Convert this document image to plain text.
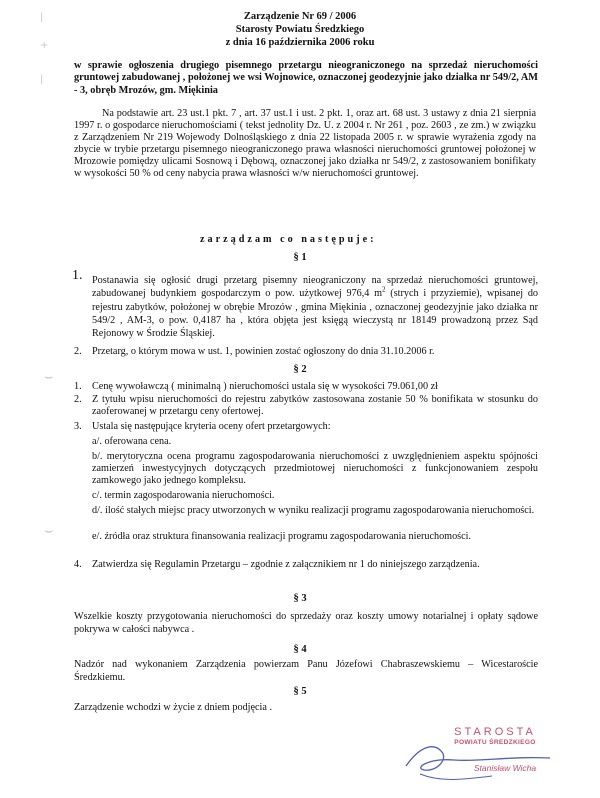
|
+
|
⌣
⌣
Zarządzenie Nr 69 / 2006
Starosty Powiatu Średzkiego
z dnia 16 października 2006 roku
w sprawie ogłoszenia drugiego pisemnego przetargu nieograniczonego na sprzedaż nieruchomości gruntowej zabudowanej , położonej we wsi Wojnowice, oznaczonej geodezyjnie jako działka nr 549/2, AM - 3, obręb Mrozów, gm. Miękinia
Na podstawie art. 23 ust.1 pkt. 7 , art. 37 ust.1 i ust. 2 pkt. 1, oraz art. 68 ust. 3 ustawy z dnia 21 sierpnia 1997 r. o gospodarce nieruchomościami ( tekst jednolity Dz. U. z 2004 r. Nr 261 , poz. 2603 , ze zm.) w związku z Zarządzeniem Nr 219 Wojewody Dolnośląskiego z dnia 22 listopada 2005 r. w sprawie wyrażenia zgody na zbycie w trybie przetargu pisemnego nieograniczonego prawa własności nieruchomości gruntowej położonej w Mrozowie pomiędzy ulicami Sosnową i Dębową, oznaczonej jako działka nr 549/2, z zastosowaniem bonifikaty w wysokości 50 % od ceny nabycia prawa własności w/w nieruchomości gruntowej.
zarządzam co następuje:
§ 1
1. Postanawia się ogłosić drugi przetarg pisemny nieograniczony na sprzedaż nieruchomości gruntowej, zabudowanej budynkiem gospodarczym o pow. użytkowej 976,4 $m^2$ (strych i przyziemie), wpisanej do rejestru zabytków, położonej w obrębie Mrozów , gmina Miękinia , oznaczonej geodezyjnie jako działka nr 549/2 , AM-3, o pow. 0,4187 ha , która objęta jest księgą wieczystą nr 18149 prowadzoną przez Sąd Rejonowy w Środzie Śląskiej.
2. Przetarg, o którym mowa w ust. 1, powinien zostać ogłoszony do dnia 31.10.2006 r.
§ 2
1. Cenę wywoławczą ( minimalną ) nieruchomości ustala się w wysokości 79.061,00 zł
2. Z tytułu wpisu nieruchomości do rejestru zabytków zastosowana zostanie 50 % bonifikata w stosunku do zaoferowanej w przetargu ceny ofertowej.
3. Ustala się następujące kryteria oceny ofert przetargowych:
a/. oferowana cena.
b/. merytoryczna ocena programu zagospodarowania nieruchomości z uwzględnieniem aspektu spójności zamierzeń inwestycyjnych dotyczących przedmiotowej nieruchomości z funkcjonowaniem zespołu zamkowego jako jednego kompleksu.
c/. termin zagospodarowania nieruchomości.
d/. ilość stałych miejsc pracy utworzonych w wyniku realizacji programu zagospodarowania nieruchomości.
e/. źródła oraz struktura finansowania realizacji programu zagospodarowania nieruchomości.
4. Zatwierdza się Regulamin Przetargu – zgodnie z załącznikiem nr 1 do niniejszego zarządzenia.
§ 3
Wszelkie koszty przygotowania nieruchomości do sprzedaży oraz koszty umowy notarialnej i opłaty sądowe pokrywa w całości nabywca .
§ 4
Nadzór nad wykonaniem Zarządzenia powierzam Panu Józefowi Chabraszewskiemu – Wicestaroście Średzkiemu.
§ 5
Zarządzenie wchodzi w życie z dniem podjęcia .
STAROSTA
POWIATU ŚREDZKIEGO
Stanisław Wicha
